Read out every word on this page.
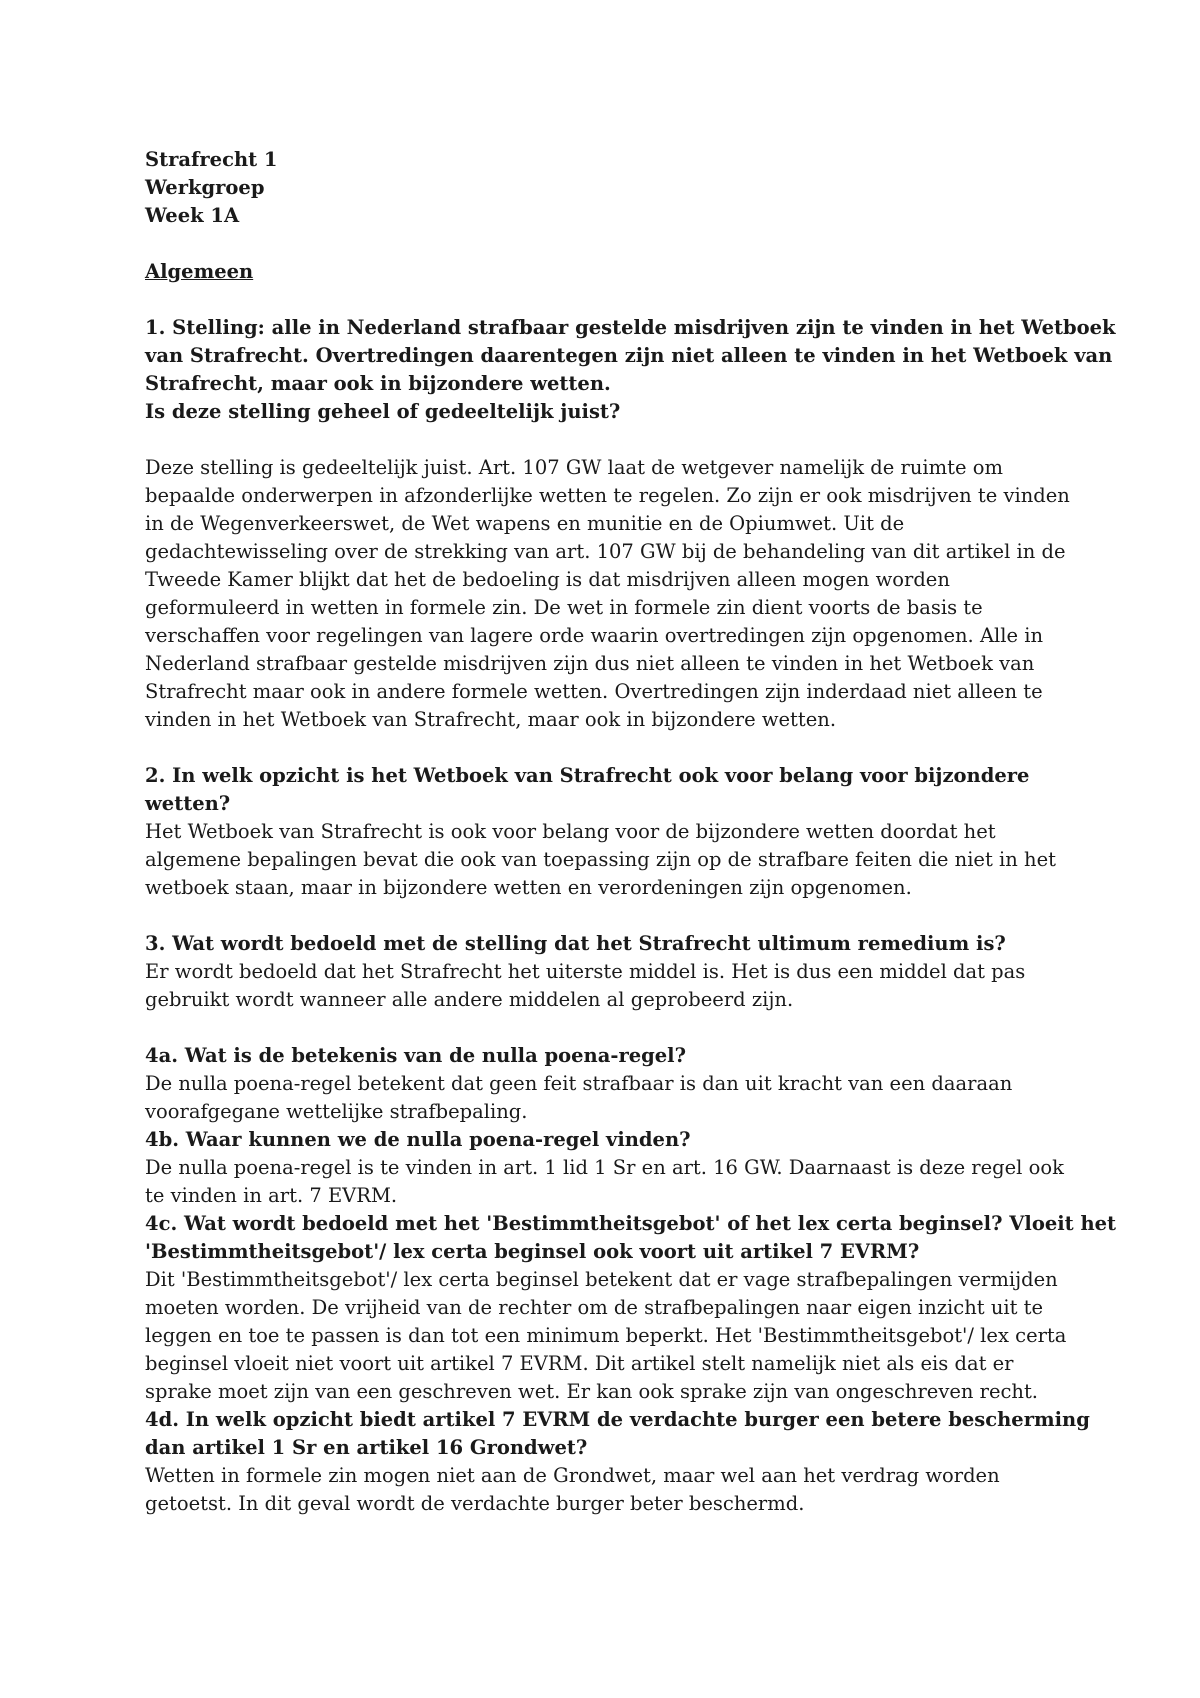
Strafrecht 1
Werkgroep
Week 1A
Algemeen
1. Stelling: alle in Nederland strafbaar gestelde misdrijven zijn te vinden in het Wetboek
van Strafrecht. Overtredingen daarentegen zijn niet alleen te vinden in het Wetboek van
Strafrecht, maar ook in bijzondere wetten.
Is deze stelling geheel of gedeeltelijk juist?
Deze stelling is gedeeltelijk juist. Art. 107 GW laat de wetgever namelijk de ruimte om
bepaalde onderwerpen in afzonderlijke wetten te regelen. Zo zijn er ook misdrijven te vinden
in de Wegenverkeerswet, de Wet wapens en munitie en de Opiumwet. Uit de
gedachtewisseling over de strekking van art. 107 GW bij de behandeling van dit artikel in de
Tweede Kamer blijkt dat het de bedoeling is dat misdrijven alleen mogen worden
geformuleerd in wetten in formele zin. De wet in formele zin dient voorts de basis te
verschaffen voor regelingen van lagere orde waarin overtredingen zijn opgenomen. Alle in
Nederland strafbaar gestelde misdrijven zijn dus niet alleen te vinden in het Wetboek van
Strafrecht maar ook in andere formele wetten. Overtredingen zijn inderdaad niet alleen te
vinden in het Wetboek van Strafrecht, maar ook in bijzondere wetten.
2. In welk opzicht is het Wetboek van Strafrecht ook voor belang voor bijzondere
wetten?
Het Wetboek van Strafrecht is ook voor belang voor de bijzondere wetten doordat het
algemene bepalingen bevat die ook van toepassing zijn op de strafbare feiten die niet in het
wetboek staan, maar in bijzondere wetten en verordeningen zijn opgenomen.
3. Wat wordt bedoeld met de stelling dat het Strafrecht ultimum remedium is?
Er wordt bedoeld dat het Strafrecht het uiterste middel is. Het is dus een middel dat pas
gebruikt wordt wanneer alle andere middelen al geprobeerd zijn.
4a. Wat is de betekenis van de nulla poena-regel?
De nulla poena-regel betekent dat geen feit strafbaar is dan uit kracht van een daaraan
voorafgegane wettelijke strafbepaling.
4b. Waar kunnen we de nulla poena-regel vinden?
De nulla poena-regel is te vinden in art. 1 lid 1 Sr en art. 16 GW. Daarnaast is deze regel ook
te vinden in art. 7 EVRM.
4c. Wat wordt bedoeld met het 'Bestimmtheitsgebot' of het lex certa beginsel? Vloeit het
'Bestimmtheitsgebot'/ lex certa beginsel ook voort uit artikel 7 EVRM?
Dit 'Bestimmtheitsgebot'/ lex certa beginsel betekent dat er vage strafbepalingen vermijden
moeten worden. De vrijheid van de rechter om de strafbepalingen naar eigen inzicht uit te
leggen en toe te passen is dan tot een minimum beperkt. Het 'Bestimmtheitsgebot'/ lex certa
beginsel vloeit niet voort uit artikel 7 EVRM. Dit artikel stelt namelijk niet als eis dat er
sprake moet zijn van een geschreven wet. Er kan ook sprake zijn van ongeschreven recht.
4d. In welk opzicht biedt artikel 7 EVRM de verdachte burger een betere bescherming
dan artikel 1 Sr en artikel 16 Grondwet?
Wetten in formele zin mogen niet aan de Grondwet, maar wel aan het verdrag worden
getoetst. In dit geval wordt de verdachte burger beter beschermd.
